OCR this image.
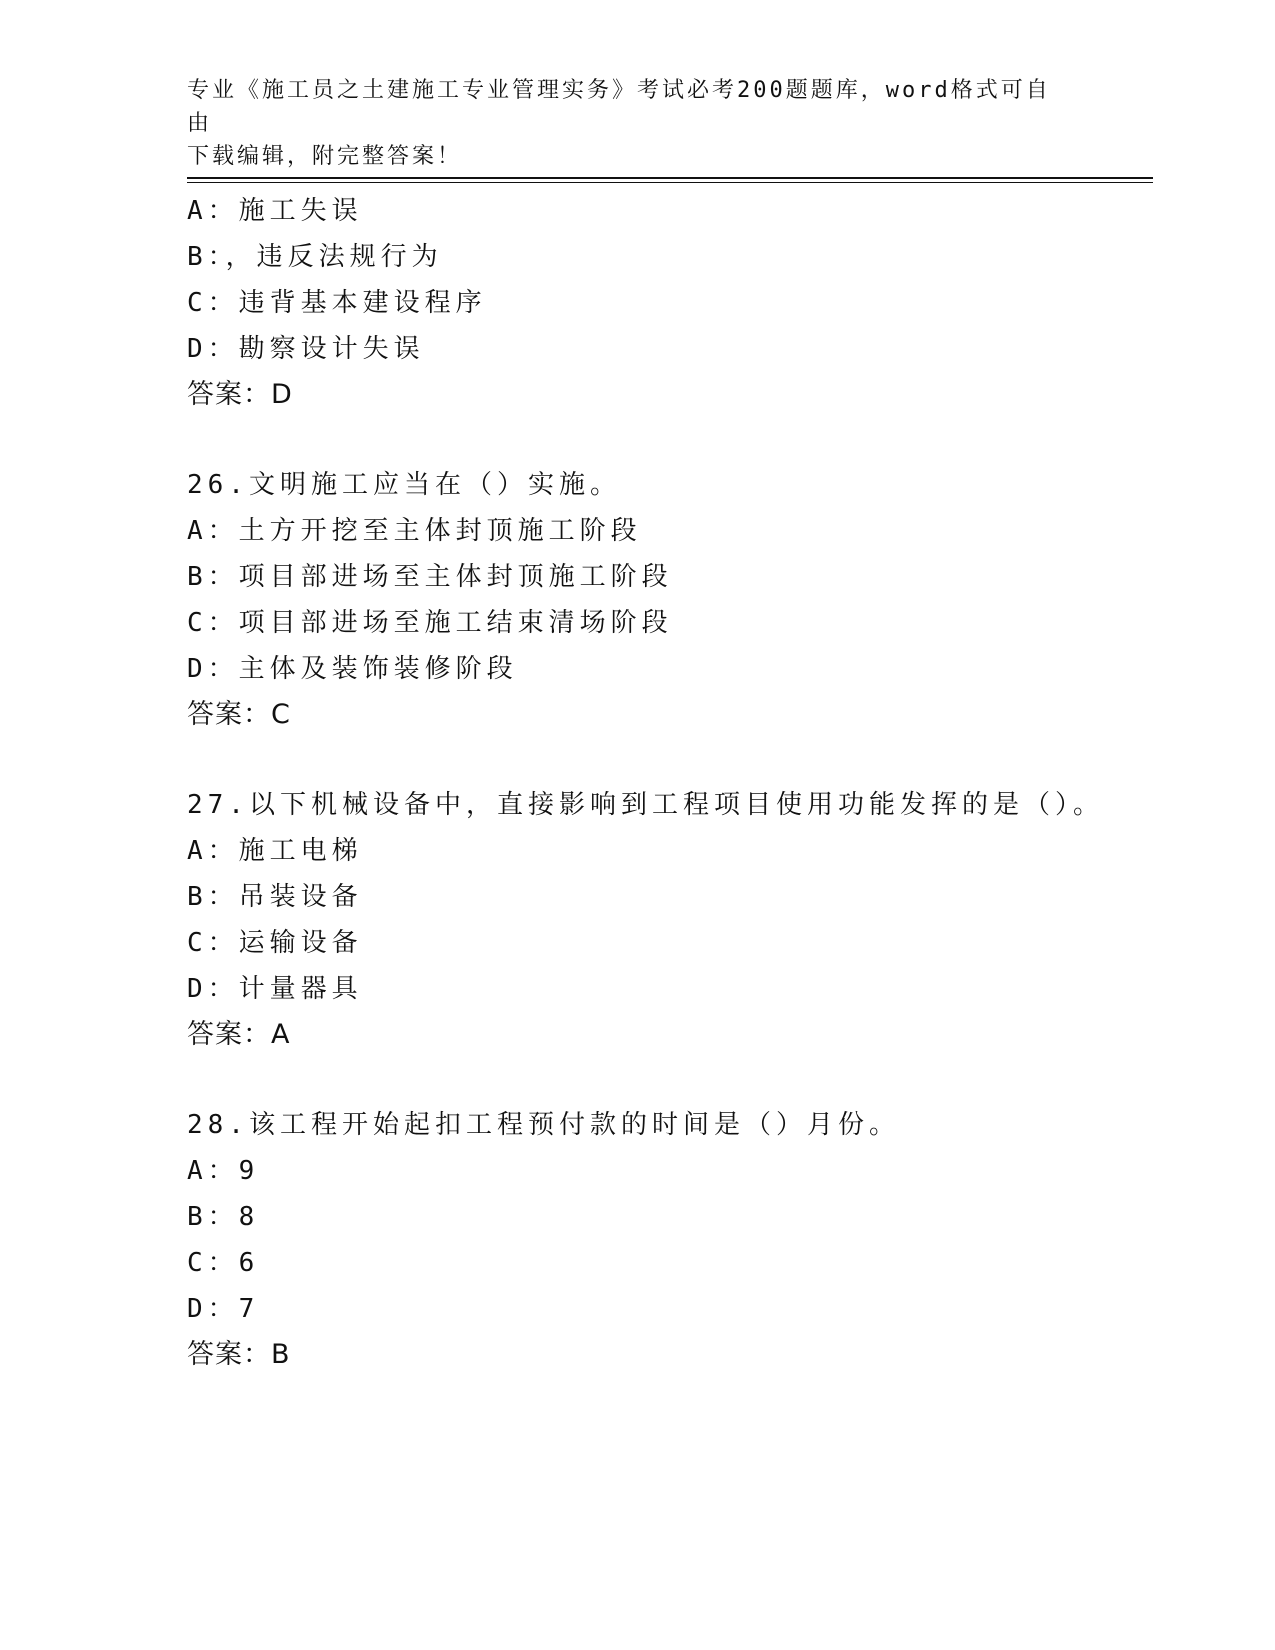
专业《施工员之土建施工专业管理实务》考试必考200题题库，word格式可自由
下载编辑，附完整答案！
A：施工失误
B：，违反法规行为
C：违背基本建设程序
D：勘察设计失误
答案：D
26.文明施工应当在（）实施。
A：土方开挖至主体封顶施工阶段
B：项目部进场至主体封顶施工阶段
C：项目部进场至施工结束清场阶段
D：主体及装饰装修阶段
答案：C
27.以下机械设备中，直接影响到工程项目使用功能发挥的是（）。
A：施工电梯
B：吊装设备
C：运输设备
D：计量器具
答案：A
28.该工程开始起扣工程预付款的时间是（）月份。
A：9
B：8
C：6
D：7
答案：B
